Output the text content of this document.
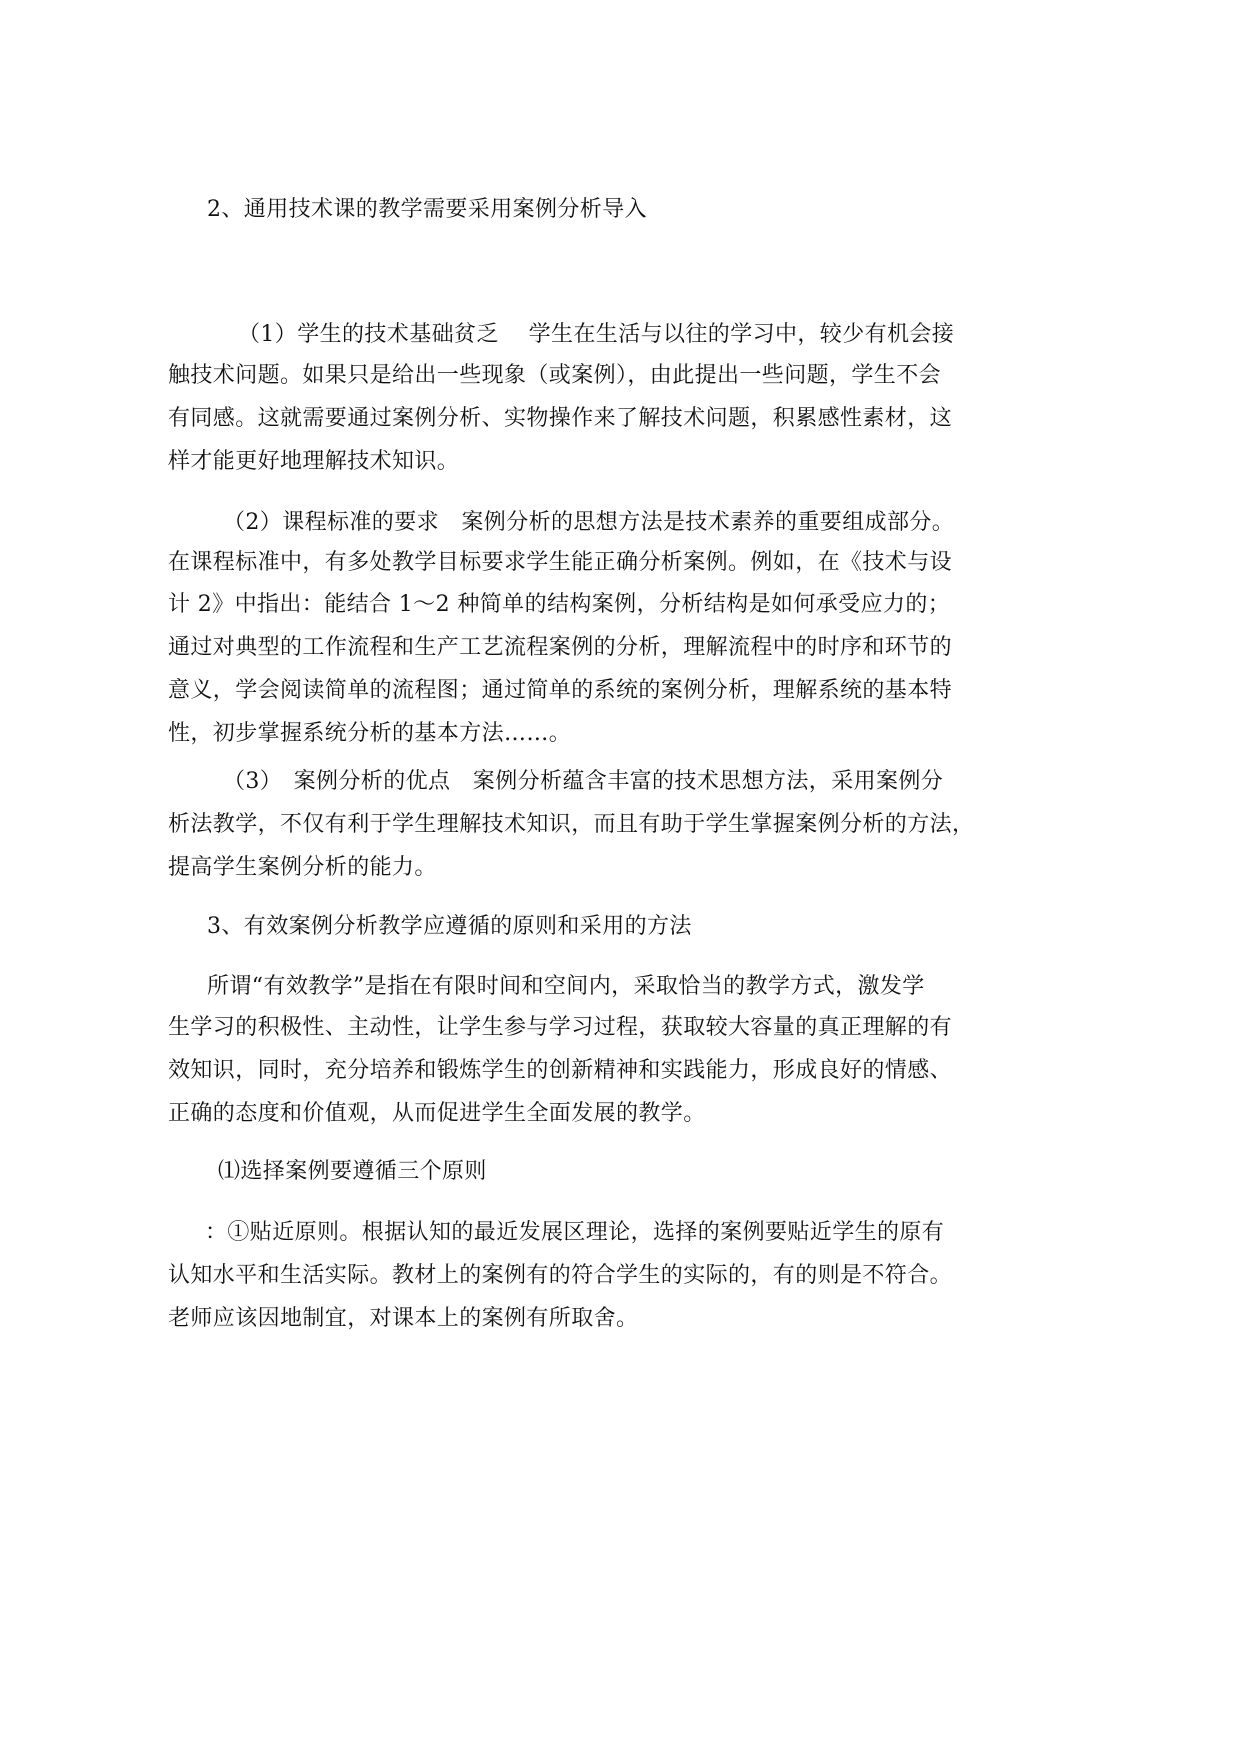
2、通用技术课的教学需要采用案例分析导入
（1）学生的技术基础贫乏　 学生在生活与以往的学习中，较少有机会接
触技术问题。如果只是给出一些现象（或案例），由此提出一些问题，学生不会
有同感。这就需要通过案例分析、实物操作来了解技术问题，积累感性素材，这
样才能更好地理解技术知识。
（2）课程标准的要求　案例分析的思想方法是技术素养的重要组成部分。
在课程标准中，有多处教学目标要求学生能正确分析案例。例如，在《技术与设
计 2》中指出：能结合 1～2 种简单的结构案例，分析结构是如何承受应力的；
通过对典型的工作流程和生产工艺流程案例的分析，理解流程中的时序和环节的
意义，学会阅读简单的流程图；通过简单的系统的案例分析，理解系统的基本特
性，初步掌握系统分析的基本方法……。
（3）　案例分析的优点　案例分析蕴含丰富的技术思想方法，采用案例分
析法教学，不仅有利于学生理解技术知识，而且有助于学生掌握案例分析的方法，
提高学生案例分析的能力。
3、有效案例分析教学应遵循的原则和采用的方法
所谓“有效教学”是指在有限时间和空间内，采取恰当的教学方式，激发学
生学习的积极性、主动性，让学生参与学习过程，获取较大容量的真正理解的有
效知识，同时，充分培养和锻炼学生的创新精神和实践能力，形成良好的情感、
正确的态度和价值观，从而促进学生全面发展的教学。
⑴选择案例要遵循三个原则
：①贴近原则。根据认知的最近发展区理论，选择的案例要贴近学生的原有
认知水平和生活实际。教材上的案例有的符合学生的实际的，有的则是不符合。
老师应该因地制宜，对课本上的案例有所取舍。
